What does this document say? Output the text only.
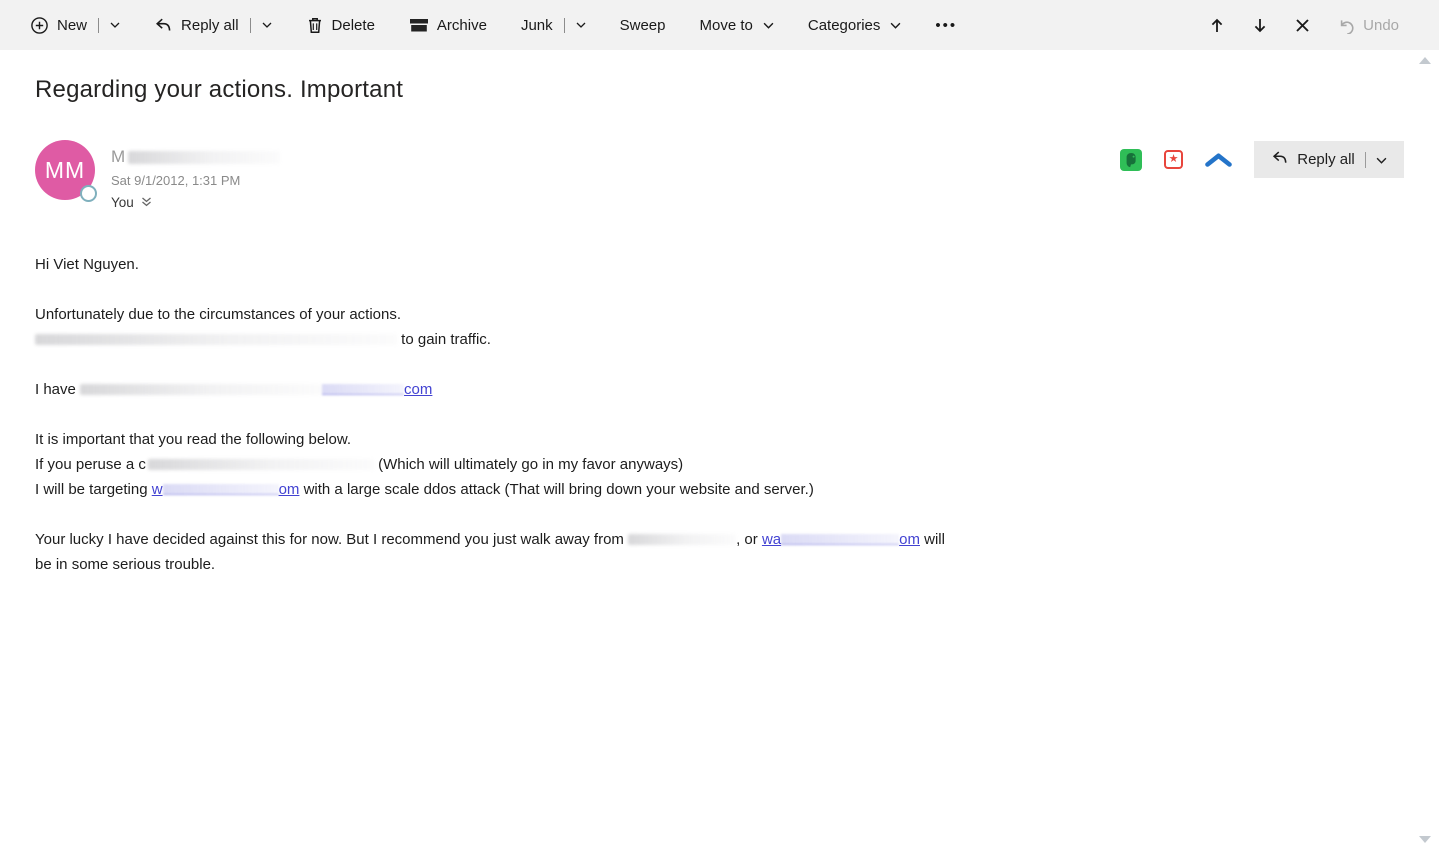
New	Reply all	Delete	Archive Junk	Sweep Move to	Categories	•••	Undo
Regarding your actions. Important
MM M
Sat 9/1/2012, 1:31 PM
You
★	Reply all
Hi Viet Nguyen.
Unfortunately due to the circumstances of your actions.
to gain traffic.
I have	com
It is important that you read the following below.
If you peruse a c	(Which will ultimately go in my favor anyways)
I will be targeting w	om with a large scale ddos attack (That will bring down your website and server.)
Your lucky I have decided against this for now. But I recommend you just walk away from	, or wa	om will
be in some serious trouble.
